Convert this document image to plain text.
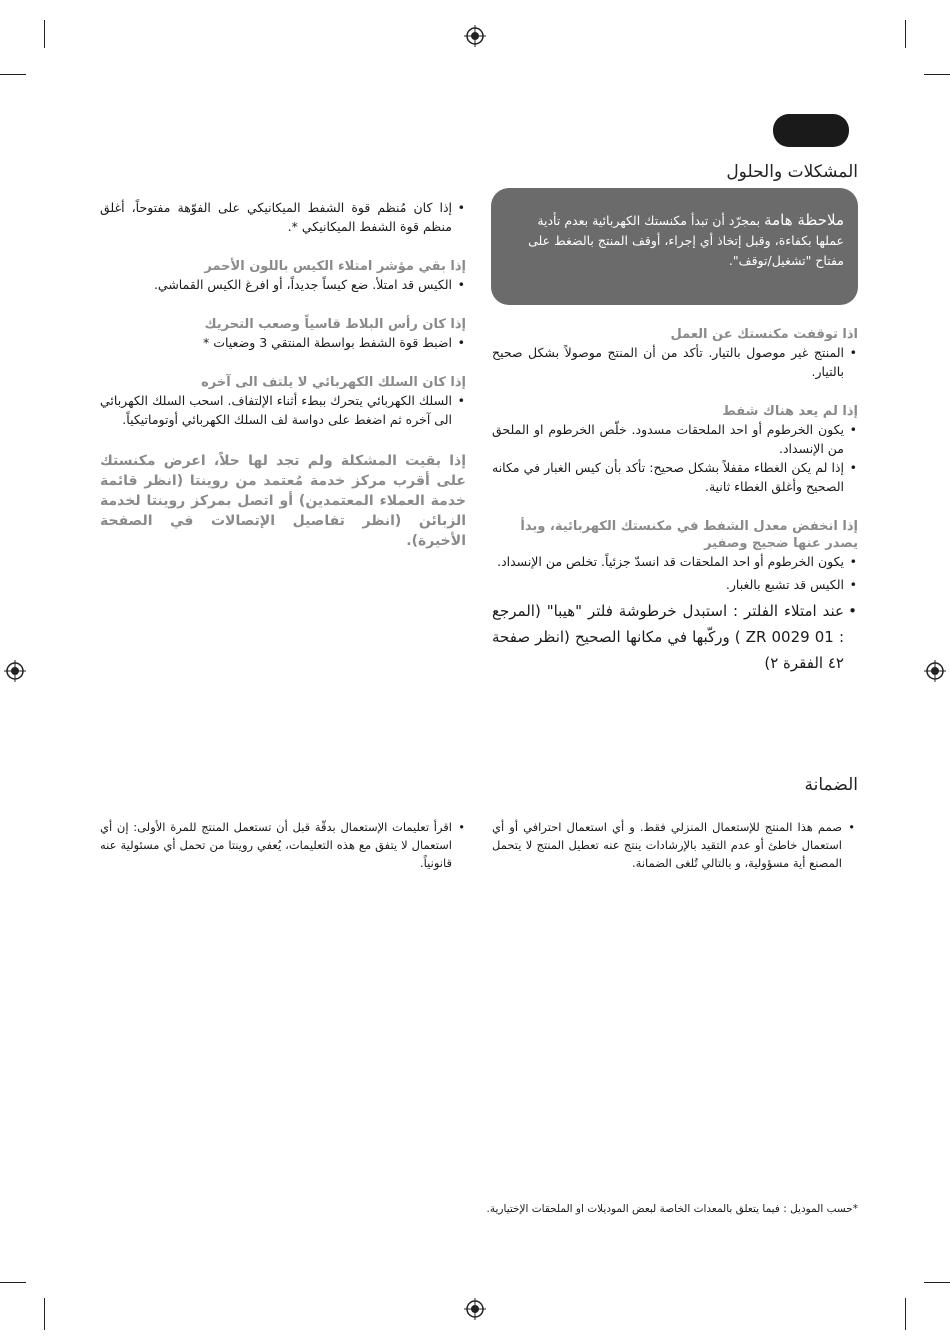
المشكلات والحلول
ملاحظة هامة بمجرّد أن تبدأ مكنستك الكهربائية بعدم تأدية عملها بكفاءة، وقبل إتخاذ أي إجراء، أوقف المنتج بالضغط على مفتاح "تشغيل/توقف".
اذا توقفت مكنستك عن العمل
• المنتج غير موصول بالتيار. تأكد من أن المنتج موصولاً بشكل صحيح بالتيار.
إذا لم يعد هناك شفط
• يكون الخرطوم أو احد الملحقات مسدود. خلّص الخرطوم او الملحق من الإنسداد.
• إذا لم يكن الغطاء مقفلاً بشكل صحيح: تأكد بأن كيس الغبار في مكانه الصحيح وأغلق الغطاء ثانية.
إذا انخفض معدل الشفط في مكنستك الكهربائية، وبدأ يصدر عنها ضجيج وصفير
• يكون الخرطوم أو احد الملحقات قد انسدّ جزئياً. تخلص من الإنسداد.
• الكيس قد تشبع بالغبار.
• عند امتلاء الفلتر : استبدل خرطوشة فلتر "هيبا" (المرجع : ZR 0029 01 ) وركّبها في مكانها الصحيح (انظر صفحة ٤٢ الفقرة ٢)
• إذا كان مُنظم قوة الشفط الميكانيكي على الفوّهة مفتوحاً، أغلق منظم قوة الشفط الميكانيكي *.
إذا بقي مؤشر امتلاء الكيس باللون الأحمر
• الكيس قد امتلأ. ضع كيساً جديداً، أو افرغ الكيس القماشي.
إذا كان رأس البلاط قاسياً وصعب التحريك
• اضبط قوة الشفط بواسطة المنتقي 3 وضعيات *
إذا كان السلك الكهربائي لا يلتف الى آخره
• السلك الكهربائي يتحرك ببطء أثناء الإلتفاف. اسحب السلك الكهربائي الى آخره ثم اضغط على دواسة لف السلك الكهربائي أوتوماتيكياً.
إذا بقيت المشكلة ولم تجد لها حلاً، اعرض مكنستك على أقرب مركز خدمة مُعتمد من روينتا (انظر قائمة خدمة العملاء المعتمدين) أو اتصل بمركز روينتا لخدمة الزبائن (انظر تفاصيل الإتصالات في الصفحة الأخيرة).
الضمانة
• صمم هذا المنتج للإستعمال المنزلي فقط. و أي استعمال احترافي أو أي استعمال خاطئ أو عدم التقيد بالإرشادات ينتج عنه تعطيل المنتج لا يتحمل المصنع أية مسؤولية، و بالتالي تُلغى الضمانة.
• اقرأ تعليمات الإستعمال بدقّة قبل أن تستعمل المنتج للمرة الأولى: إن أي استعمال لا يتفق مع هذه التعليمات، يُعفي روينتا من تحمل أي مسئولية عنه قانونياً.
*حسب الموديل : فيما يتعلق بالمعدات الخاصة لبعض الموديلات او الملحقات الإختيارية.
